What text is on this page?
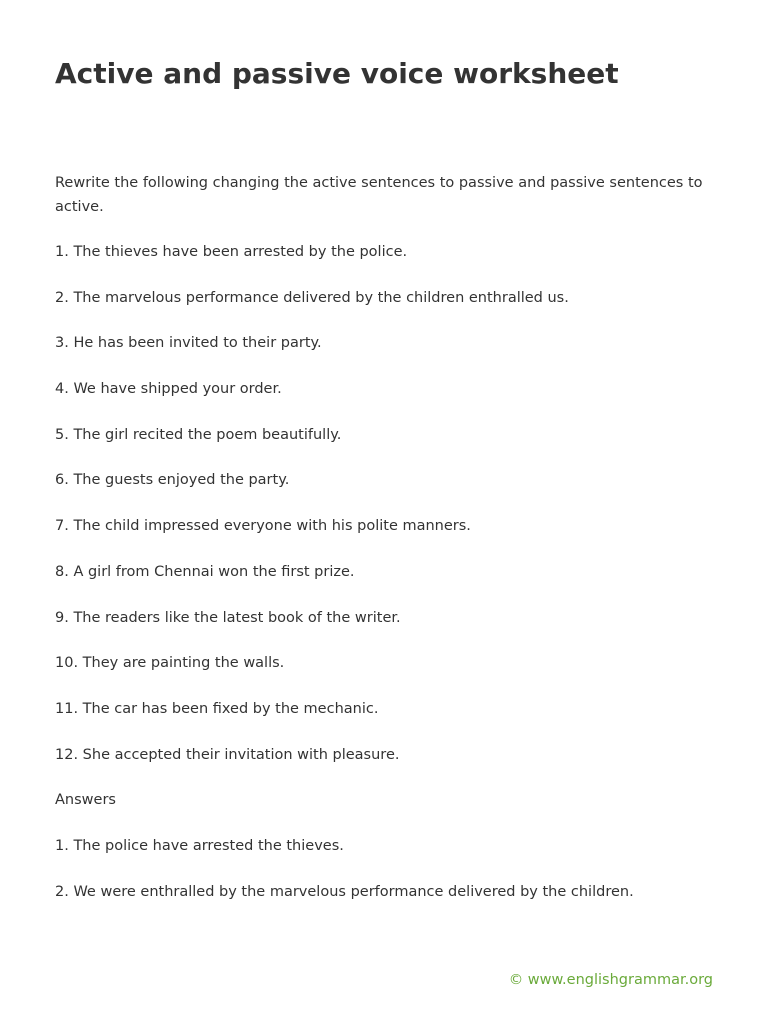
Active and passive voice worksheet

Rewrite the following changing the active sentences to passive and passive sentences to active.

1. The thieves have been arrested by the police.
2. The marvelous performance delivered by the children enthralled us.
3. He has been invited to their party.
4. We have shipped your order.
5. The girl recited the poem beautifully.
6. The guests enjoyed the party.
7. The child impressed everyone with his polite manners.
8. A girl from Chennai won the first prize.
9. The readers like the latest book of the writer.
10. They are painting the walls.
11. The car has been fixed by the mechanic.
12. She accepted their invitation with pleasure.
Answers
1. The police have arrested the thieves.
2. We were enthralled by the marvelous performance delivered by the children.
© www.englishgrammar.org
